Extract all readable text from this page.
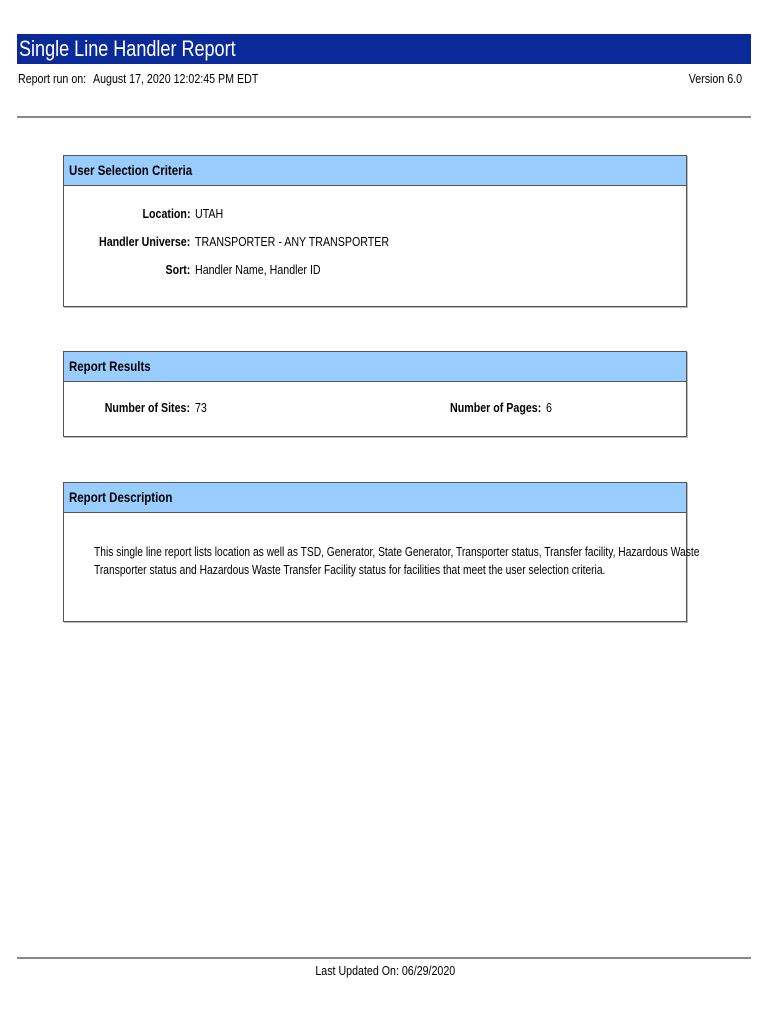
Single Line Handler Report
Report run on: August 17, 2020 12:02:45 PM EDT	Version 6.0
User Selection Criteria
Location: UTAH
Handler Universe: TRANSPORTER - ANY TRANSPORTER
Sort: Handler Name, Handler ID
Report Results
Number of Sites: 73	Number of Pages: 6
Report Description
This single line report lists location as well as TSD, Generator, State Generator, Transporter status, Transfer facility, Hazardous Waste
Transporter status and Hazardous Waste Transfer Facility status for facilities that meet the user selection criteria.
Last Updated On: 06/29/2020
